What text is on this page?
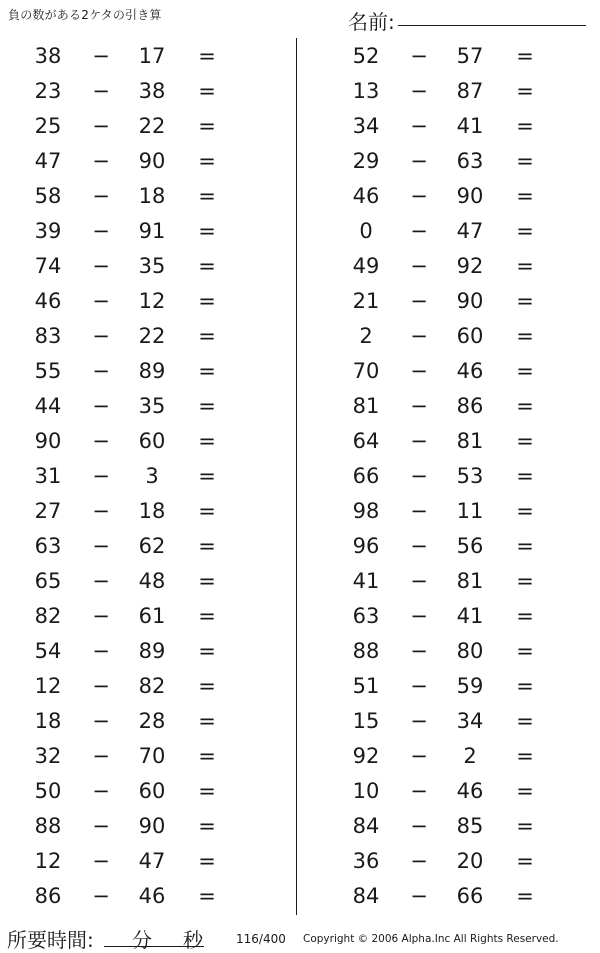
負の数がある2ケタの引き算	名前:
38	−	17	=
23	−	38	=
25	−	22	=
47	−	90	=
58	−	18	=
39	−	91	=
74	−	35	=
46	−	12	=
83	−	22	=
55	−	89	=
44	−	35	=
90	−	60	=
31	−	3	=
27	−	18	=
63	−	62	=
65	−	48	=
82	−	61	=
54	−	89	=
12	−	82	=
18	−	28	=
32	−	70	=
50	−	60	=
88	−	90	=
12	−	47	=
86	−	46	=
52	−	57	=
13	−	87	=
34	−	41	=
29	−	63	=
46	−	90	=
0	−	47	=
49	−	92	=
21	−	90	=
2	−	60	=
70	−	46	=
81	−	86	=
64	−	81	=
66	−	53	=
98	−	11	=
96	−	56	=
41	−	81	=
63	−	41	=
88	−	80	=
51	−	59	=
15	−	34	=
92	−	2	=
10	−	46	=
84	−	85	=
36	−	20	=
84	−	66	=
所要時間: 分 秒	116/400 Copyright © 2006 Alpha.Inc All Rights Reserved.
